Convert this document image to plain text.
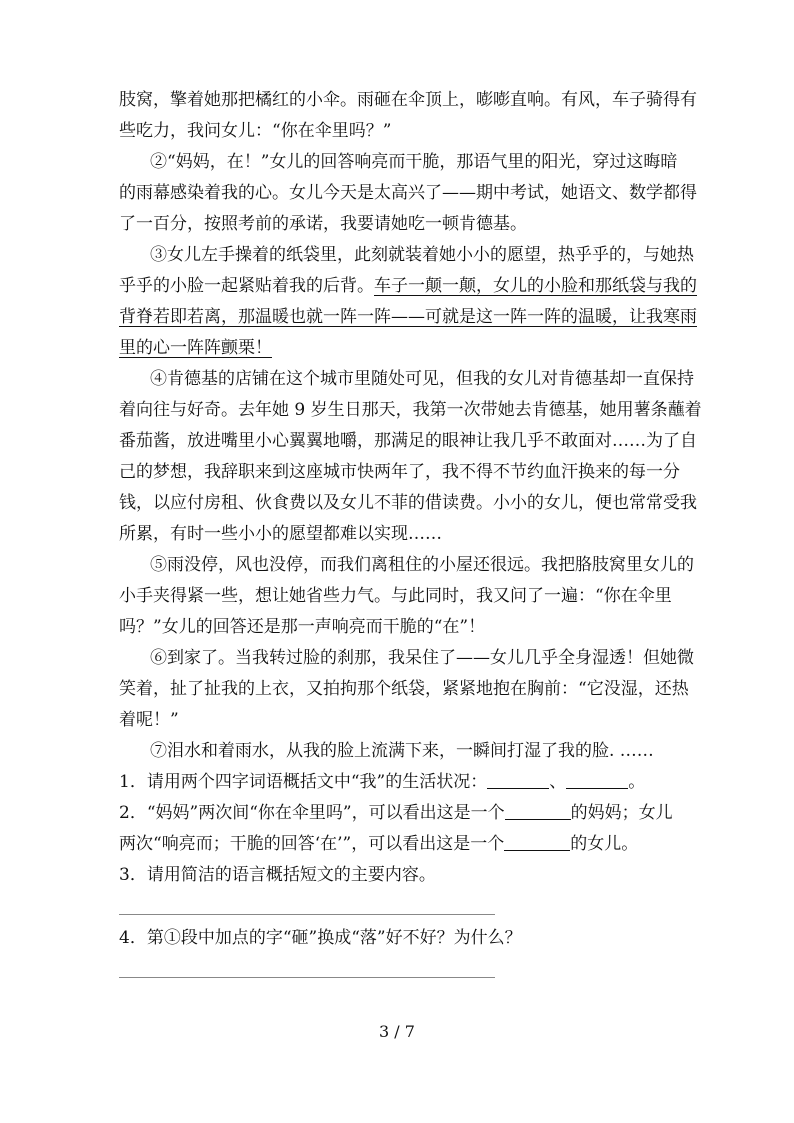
肢窝，擎着她那把橘红的小伞。雨砸在伞顶上，嘭嘭直响。有风，车子骑得有
些吃力，我问女儿：“你在伞里吗？”
②“妈妈，在！”女儿的回答响亮而干脆，那语气里的阳光，穿过这晦暗
的雨幕感染着我的心。女儿今天是太高兴了——期中考试，她语文、数学都得
了一百分，按照考前的承诺，我要请她吃一顿肯德基。
③女儿左手操着的纸袋里，此刻就装着她小小的愿望，热乎乎的，与她热
乎乎的小脸一起紧贴着我的后背。车子一颠一颠，女儿的小脸和那纸袋与我的
背脊若即若离，那温暖也就一阵一阵——可就是这一阵一阵的温暖，让我寒雨
里的心一阵阵颤栗！
④肯德基的店铺在这个城市里随处可见，但我的女儿对肯德基却一直保持
着向往与好奇。去年她 9 岁生日那天，我第一次带她去肯德基，她用薯条蘸着
番茄酱，放进嘴里小心翼翼地嚼，那满足的眼神让我几乎不敢面对……为了自
己的梦想，我辞职来到这座城市快两年了，我不得不节约血汗换来的每一分
钱，以应付房租、伙食费以及女儿不菲的借读费。小小的女儿，便也常常受我
所累，有时一些小小的愿望都难以实现……
⑤雨没停，风也没停，而我们离租住的小屋还很远。我把胳肢窝里女儿的
小手夹得紧一些，想让她省些力气。与此同时，我又问了一遍：“你在伞里
吗？”女儿的回答还是那一声响亮而干脆的“在”！
⑥到家了。当我转过脸的刹那，我呆住了——女儿几乎全身湿透！但她微
笑着，扯了扯我的上衣，又拍拘那个纸袋，紧紧地抱在胸前：“它没湿，还热
着呢！”
⑦泪水和着雨水，从我的脸上流满下来，一瞬间打湿了我的脸. ……
1．请用两个四字词语概括文中“我”的生活状况：	、	。
2．“妈妈”两次间“你在伞里吗”，可以看出这是一个	的妈妈；女儿
两次“响亮而；干脆的回答‘在’”，可以看出这是一个	的女儿。
3．请用简洁的语言概括短文的主要内容。
4．第①段中加点的字“砸”换成“落”好不好？为什么？
3 / 7
